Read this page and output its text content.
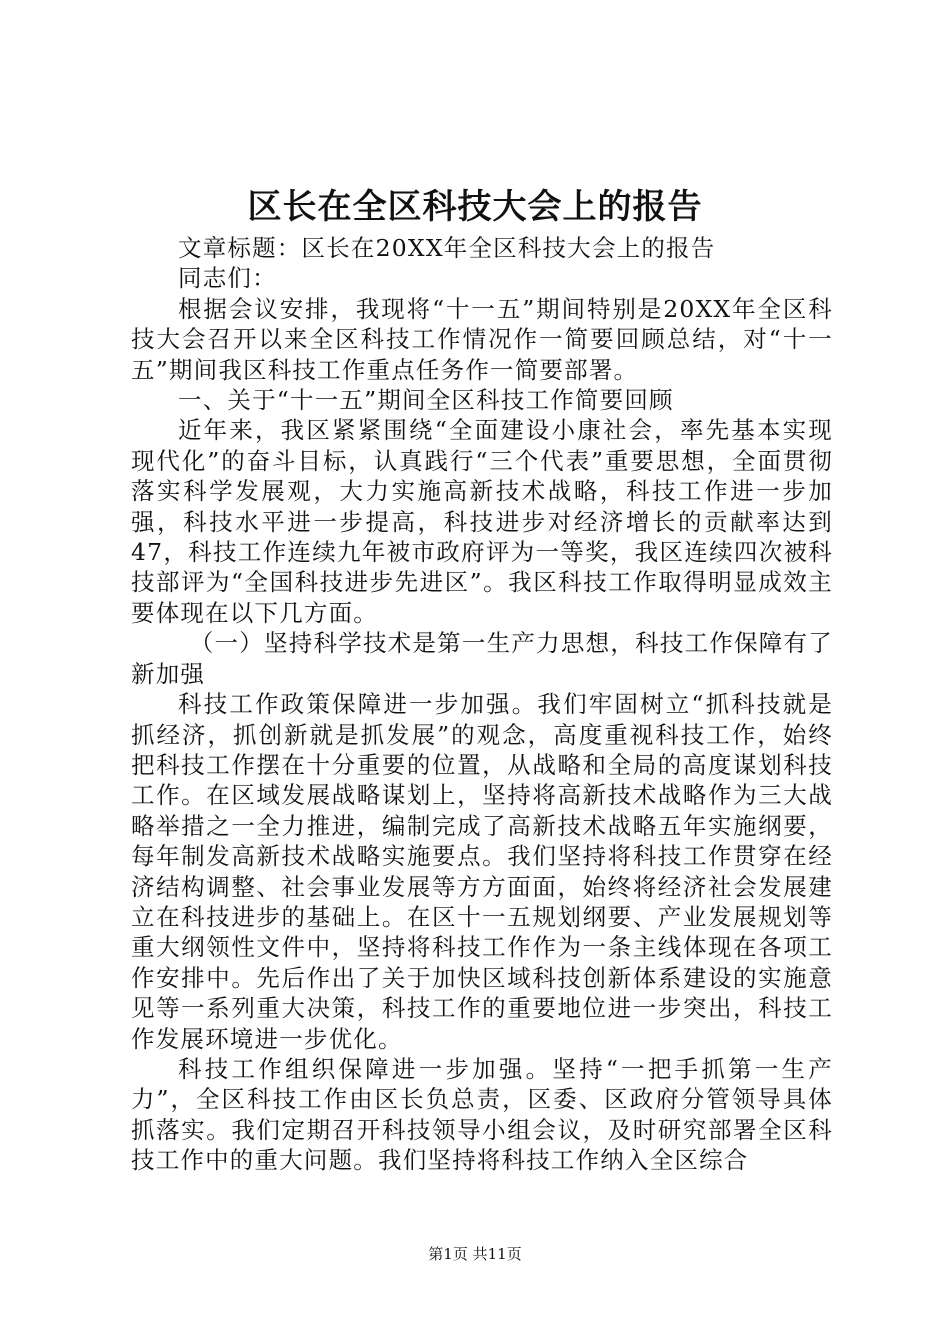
区长在全区科技大会上的报告

文章标题：区长在20XX年全区科技大会上的报告

同志们：

根据会议安排，我现将“十一五”期间特别是20XX年全区科技大会召开以来全区科技工作情况作一简要回顾总结，对“十一五”期间我区科技工作重点任务作一简要部署。

一、关于“十一五”期间全区科技工作简要回顾

近年来，我区紧紧围绕“全面建设小康社会，率先基本实现现代化”的奋斗目标，认真践行“三个代表”重要思想，全面贯彻落实科学发展观，大力实施高新技术战略，科技工作进一步加强，科技水平进一步提高，科技进步对经济增长的贡献率达到47，科技工作连续九年被市政府评为一等奖，我区连续四次被科技部评为“全国科技进步先进区”。我区科技工作取得明显成效主要体现在以下几方面。

（一）坚持科学技术是第一生产力思想，科技工作保障有了新加强

科技工作政策保障进一步加强。我们牢固树立“抓科技就是抓经济，抓创新就是抓发展”的观念，高度重视科技工作，始终把科技工作摆在十分重要的位置，从战略和全局的高度谋划科技工作。在区域发展战略谋划上，坚持将高新技术战略作为三大战略举措之一全力推进，编制完成了高新技术战略五年实施纲要，每年制发高新技术战略实施要点。我们坚持将科技工作贯穿在经济结构调整、社会事业发展等方方面面，始终将经济社会发展建立在科技进步的基础上。在区十一五规划纲要、产业发展规划等重大纲领性文件中，坚持将科技工作作为一条主线体现在各项工作安排中。先后作出了关于加快区域科技创新体系建设的实施意见等一系列重大决策，科技工作的重要地位进一步突出，科技工作发展环境进一步优化。

科技工作组织保障进一步加强。坚持“一把手抓第一生产力”，全区科技工作由区长负总责，区委、区政府分管领导具体抓落实。我们定期召开科技领导小组会议，及时研究部署全区科技工作中的重大问题。我们坚持将科技工作纳入全区综合

第1页 共11页
